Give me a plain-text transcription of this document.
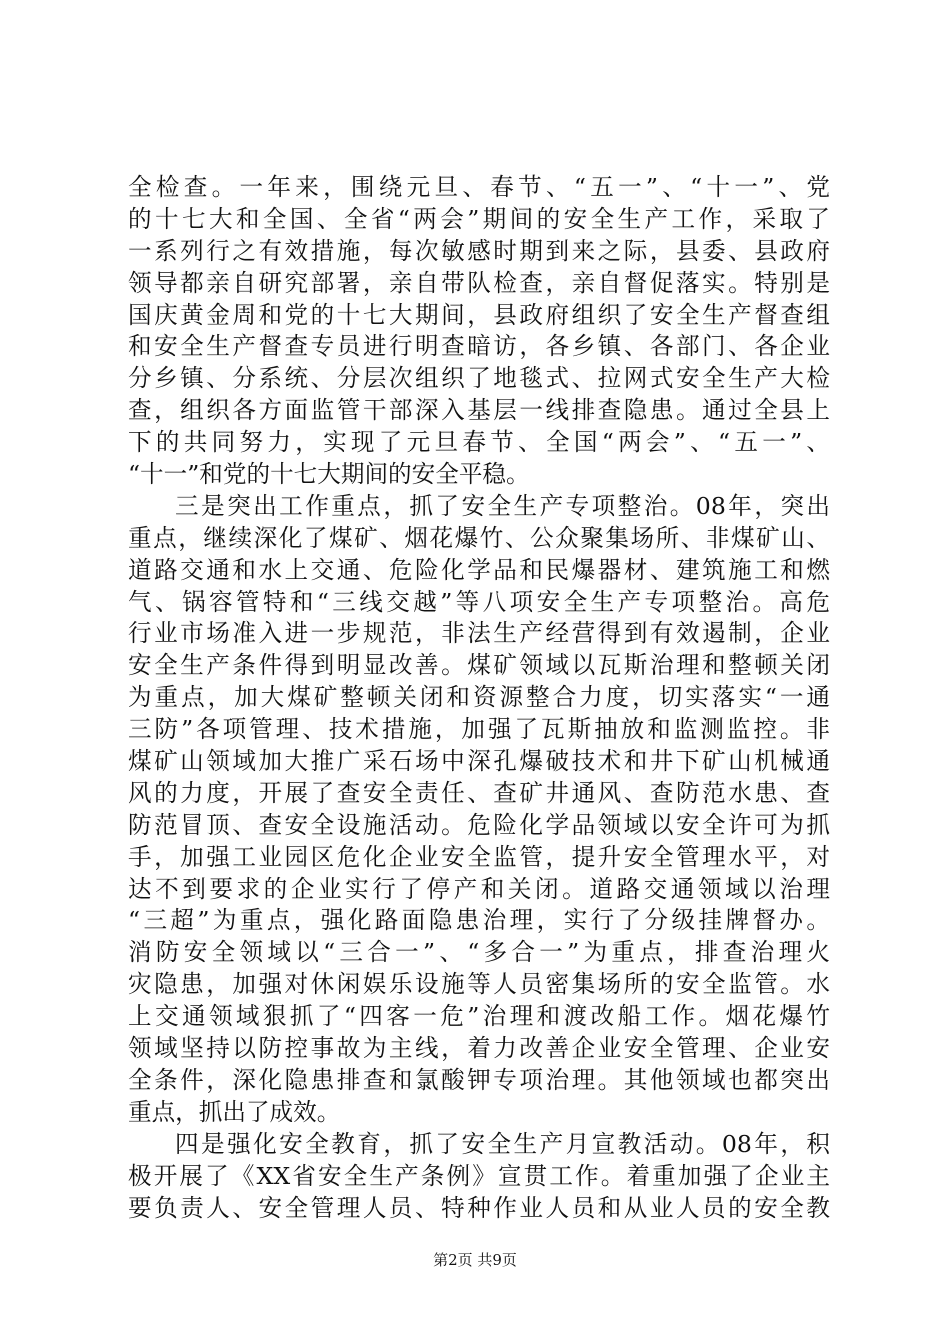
全检查。一年来，围绕元旦、春节、“五一”、“十一”、党
的十七大和全国、全省“两会”期间的安全生产工作，采取了
一系列行之有效措施，每次敏感时期到来之际，县委、县政府
领导都亲自研究部署，亲自带队检查，亲自督促落实。特别是
国庆黄金周和党的十七大期间，县政府组织了安全生产督查组
和安全生产督查专员进行明查暗访，各乡镇、各部门、各企业
分乡镇、分系统、分层次组织了地毯式、拉网式安全生产大检
查，组织各方面监管干部深入基层一线排查隐患。通过全县上
下的共同努力，实现了元旦春节、全国“两会”、“五一”、
“十一”和党的十七大期间的安全平稳。
三是突出工作重点，抓了安全生产专项整治。08年，突出
重点，继续深化了煤矿、烟花爆竹、公众聚集场所、非煤矿山、
道路交通和水上交通、危险化学品和民爆器材、建筑施工和燃
气、锅容管特和“三线交越”等八项安全生产专项整治。高危
行业市场准入进一步规范，非法生产经营得到有效遏制，企业
安全生产条件得到明显改善。煤矿领域以瓦斯治理和整顿关闭
为重点，加大煤矿整顿关闭和资源整合力度，切实落实“一通
三防”各项管理、技术措施，加强了瓦斯抽放和监测监控。非
煤矿山领域加大推广采石场中深孔爆破技术和井下矿山机械通
风的力度，开展了查安全责任、查矿井通风、查防范水患、查
防范冒顶、查安全设施活动。危险化学品领域以安全许可为抓
手，加强工业园区危化企业安全监管，提升安全管理水平，对
达不到要求的企业实行了停产和关闭。道路交通领域以治理
“三超”为重点，强化路面隐患治理，实行了分级挂牌督办。
消防安全领域以“三合一”、“多合一”为重点，排查治理火
灾隐患，加强对休闲娱乐设施等人员密集场所的安全监管。水
上交通领域狠抓了“四客一危”治理和渡改船工作。烟花爆竹
领域坚持以防控事故为主线，着力改善企业安全管理、企业安
全条件，深化隐患排查和氯酸钾专项治理。其他领域也都突出
重点，抓出了成效。
四是强化安全教育，抓了安全生产月宣教活动。08年，积
极开展了《XX省安全生产条例》宣贯工作。着重加强了企业主
要负责人、安全管理人员、特种作业人员和从业人员的安全教
第2页 共9页
